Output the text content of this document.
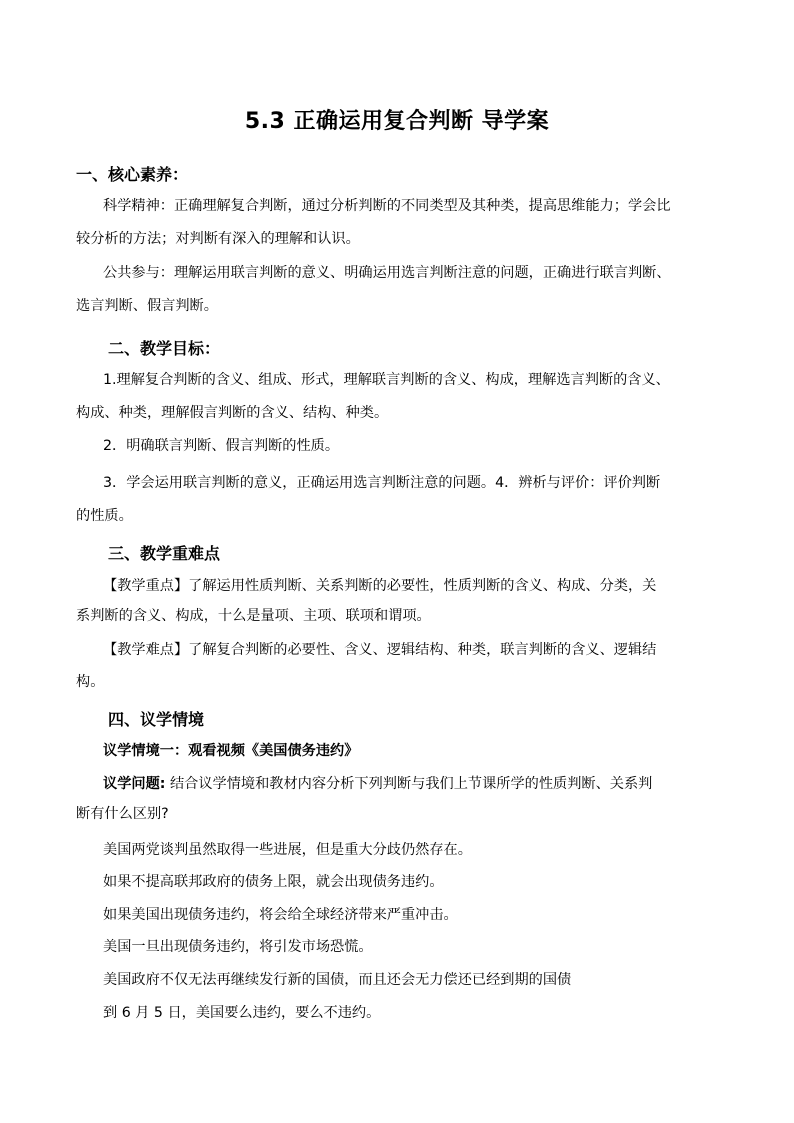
5.3 正确运用复合判断 导学案
一、核心素养：
科学精神：正确理解复合判断，通过分析判断的不同类型及其种类，提高思维能力；学会比
较分析的方法；对判断有深入的理解和认识。
公共参与：理解运用联言判断的意义、明确运用选言判断注意的问题，正确进行联言判断、
选言判断、假言判断。
二、教学目标：
1.理解复合判断的含义、组成、形式，理解联言判断的含义、构成，理解选言判断的含义、
构成、种类，理解假言判断的含义、结构、种类。
2．明确联言判断、假言判断的性质。
3．学会运用联言判断的意义，正确运用选言判断注意的问题。4．辨析与评价：评价判断
的性质。
三、教学重难点
【教学重点】了解运用性质判断、关系判断的必要性，性质判断的含义、构成、分类，关
系判断的含义、构成，十么是量项、主项、联项和谓项。
【教学难点】了解复合判断的必要性、含义、逻辑结构、种类，联言判断的含义、逻辑结
构。
四、议学情境
议学情境一：观看视频《美国债务违约》
议学问题: 结合议学情境和教材内容分析下列判断与我们上节课所学的性质判断、关系判
断有什么区别?
美国两党谈判虽然取得一些进展，但是重大分歧仍然存在。
如果不提高联邦政府的债务上限，就会出现债务违约。
如果美国出现债务违约，将会给全球经济带来严重冲击。
美国一旦出现债务违约，将引发市场恐慌。
美国政府不仅无法再继续发行新的国债，而且还会无力偿还已经到期的国债
到 6 月 5 日，美国要么违约，要么不违约。
